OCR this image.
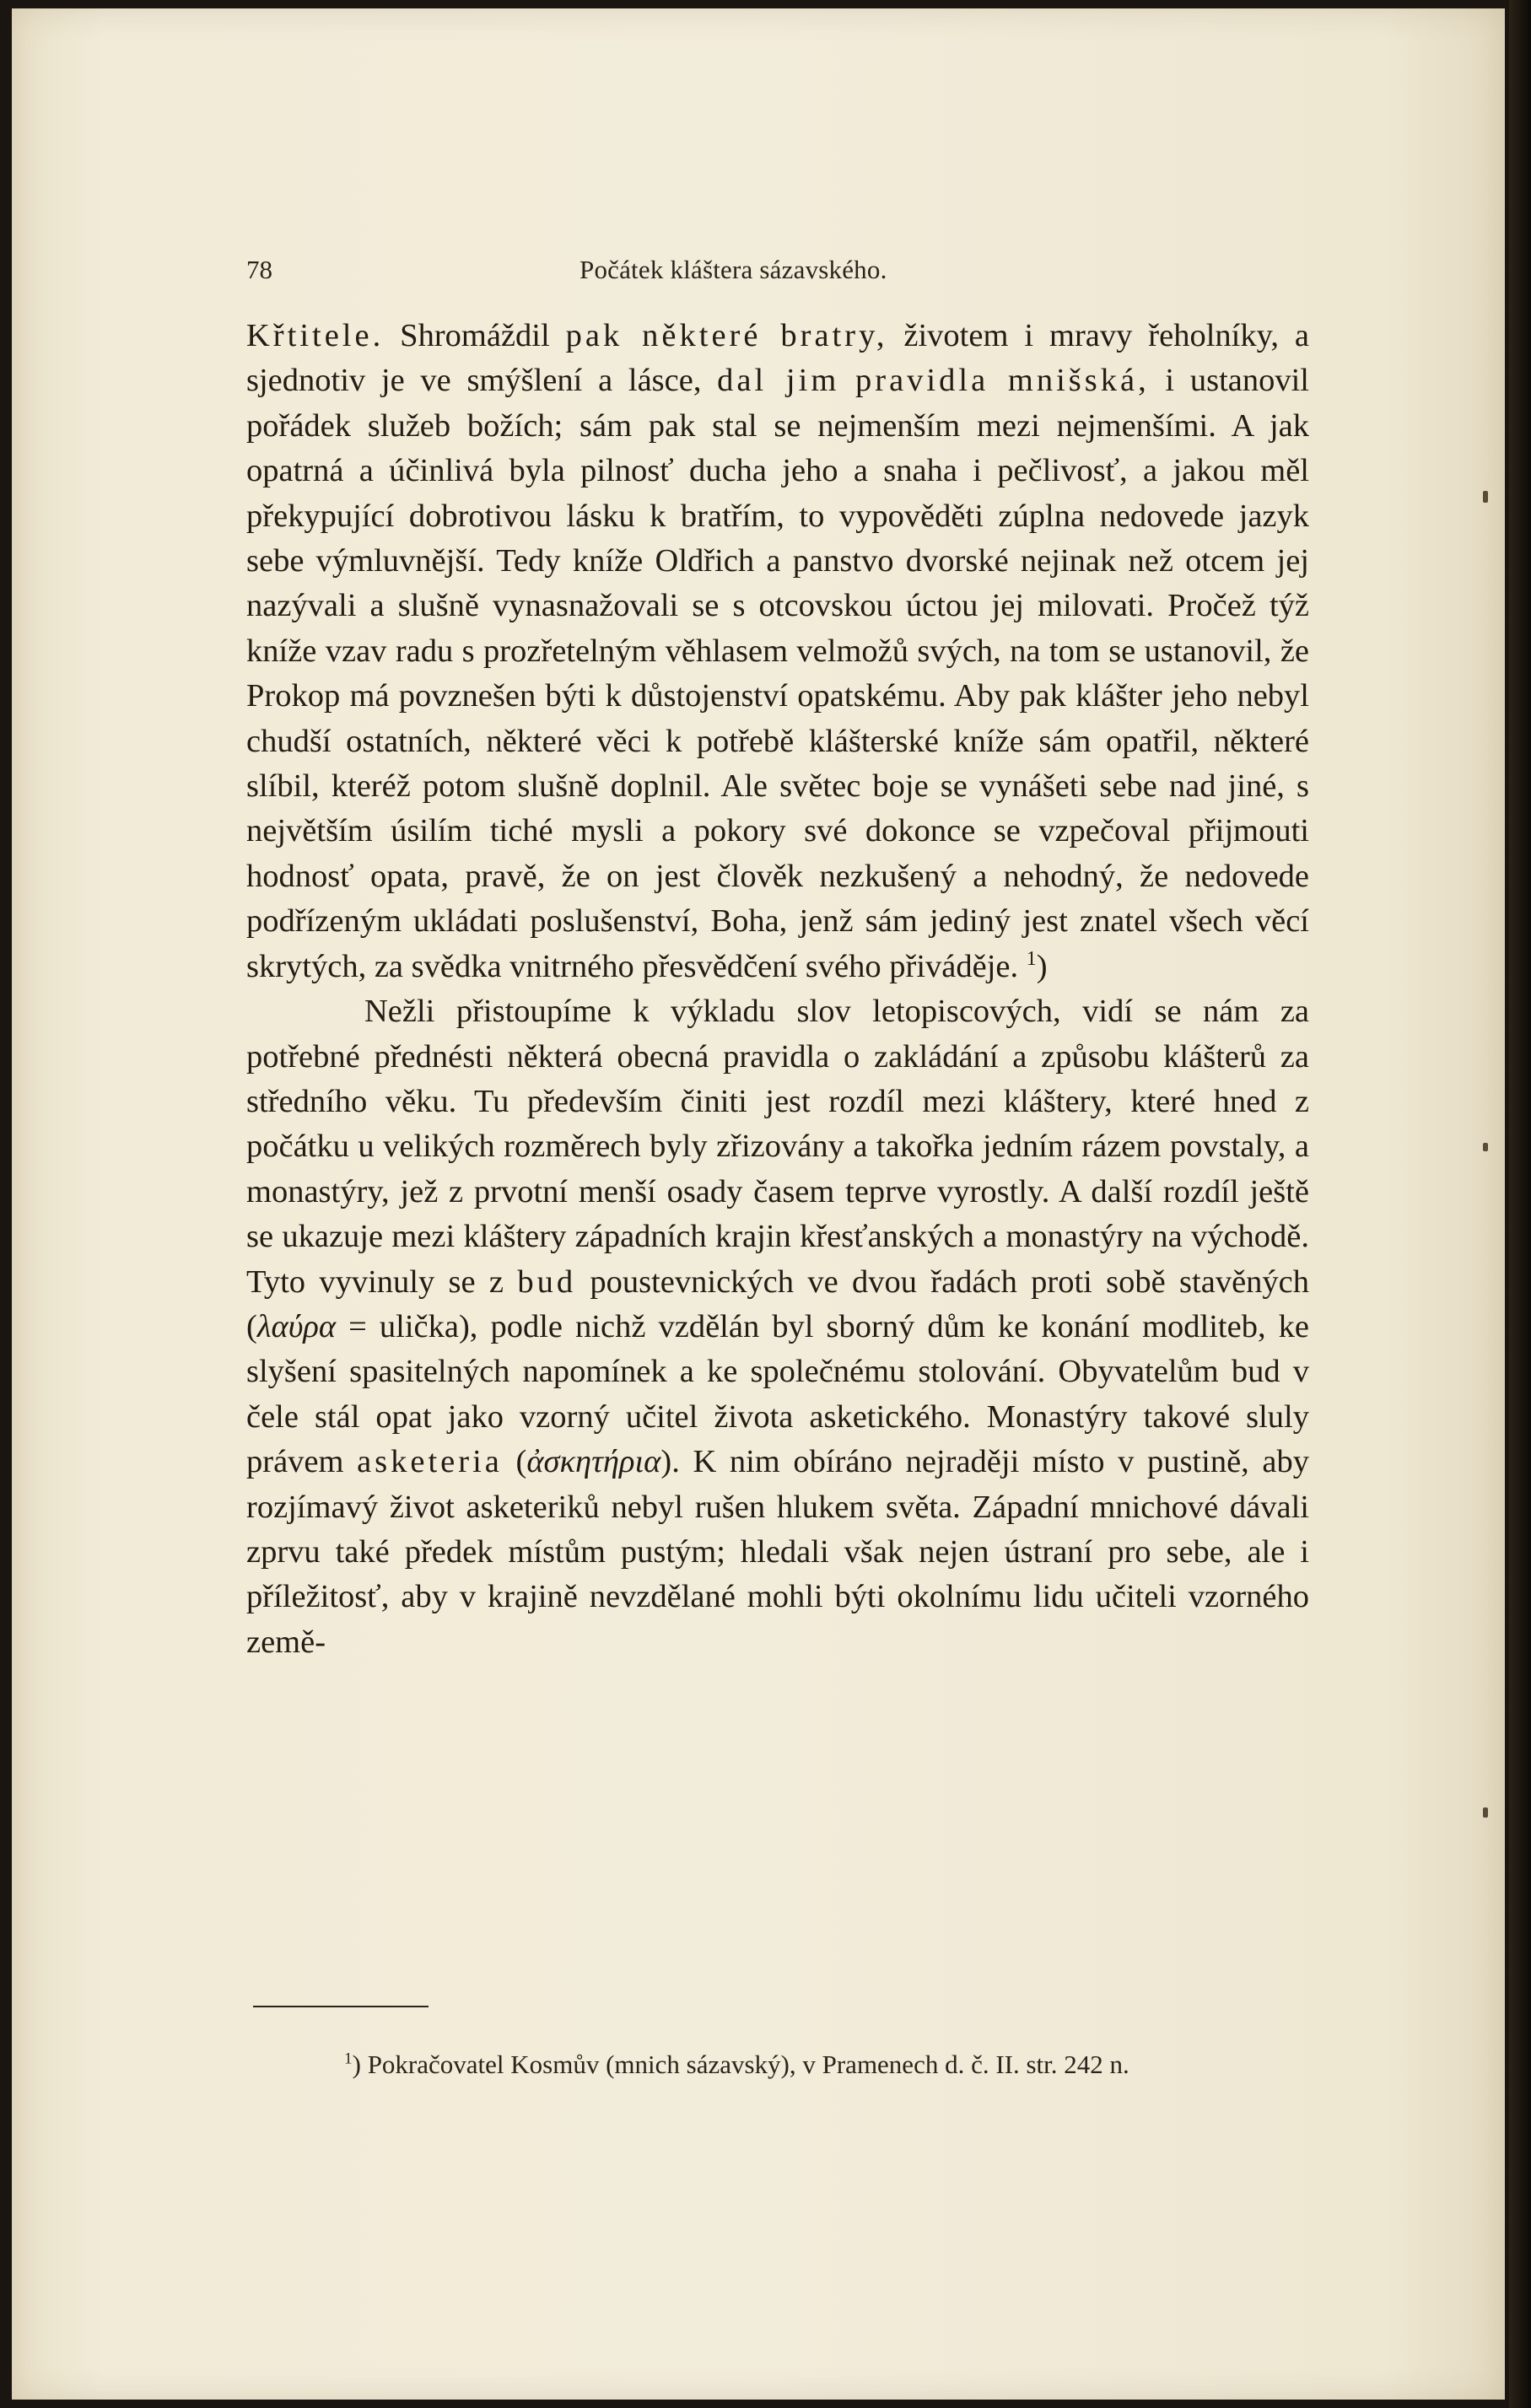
78	Počátek kláštera sázavského.

Křtitele. Shromáždil pak některé bratry, životem i mravy řeholníky, a sjednotiv je ve smýšlení a lásce, dal jim pravidla mnišská, i ustanovil pořádek služeb božích; sám pak stal se nejmenším mezi nejmenšími. A jak opatrná a účinlivá byla pilnosť ducha jeho a snaha i pečlivosť, a jakou měl překypující dobrotivou lásku k bratřím, to vypověděti zúplna nedovede jazyk sebe výmluvnější. Tedy kníže Oldřich a panstvo dvorské nejinak než otcem jej nazývali a slušně vynasnažovali se s otcovskou úctou jej milovati. Pročež týž kníže vzav radu s prozřetelným věhlasem velmožů svých, na tom se ustanovil, že Prokop má povznešen býti k důstojenství opatskému. Aby pak klášter jeho nebyl chudší ostatních, některé věci k potřebě klášterské kníže sám opatřil, některé slíbil, kteréž potom slušně doplnil. Ale světec boje se vynášeti sebe nad jiné, s největším úsilím tiché mysli a pokory své dokonce se vzpečoval přijmouti hodnosť opata, pravě, že on jest člověk nezkušený a nehodný, že nedovede podřízeným ukládati poslušenství, Boha, jenž sám jediný jest znatel všech věcí skrytých, za svědka vnitrného přesvědčení svého přiváděje. $^1$)

Nežli přistoupíme k výkladu slov letopiscových, vidí se nám za potřebné přednésti některá obecná pravidla o zakládání a způsobu klášterů za středního věku. Tu především činiti jest rozdíl mezi kláštery, které hned z počátku u velikých rozměrech byly zřizovány a takořka jedním rázem povstaly, a monastýry, jež z prvotní menší osady časem teprve vyrostly. A další rozdíl ještě se ukazuje mezi kláštery západních krajin křesťanských a monastýry na východě. Tyto vyvinuly se z bud poustevnických ve dvou řadách proti sobě stavěných (λαύρα = ulička), podle nichž vzdělán byl sborný dům ke konání modliteb, ke slyšení spasitelných napomínek a ke společnému stolování. Obyvatelům bud v čele stál opat jako vzorný učitel života asketického. Monastýry takové sluly právem asketeria (ἀσκητήρια). K nim obíráno nejraději místo v pustině, aby rozjímavý život asketeriků nebyl rušen hlukem světa. Západní mnichové dávali zprvu také předek místům pustým; hledali však nejen ústraní pro sebe, ale i příležitosť, aby v krajině nevzdělané mohli býti okolnímu lidu učiteli vzorného země-

$^1$) Pokračovatel Kosmův (mnich sázavský), v Pramenech d. č. II. str. 242 n.
